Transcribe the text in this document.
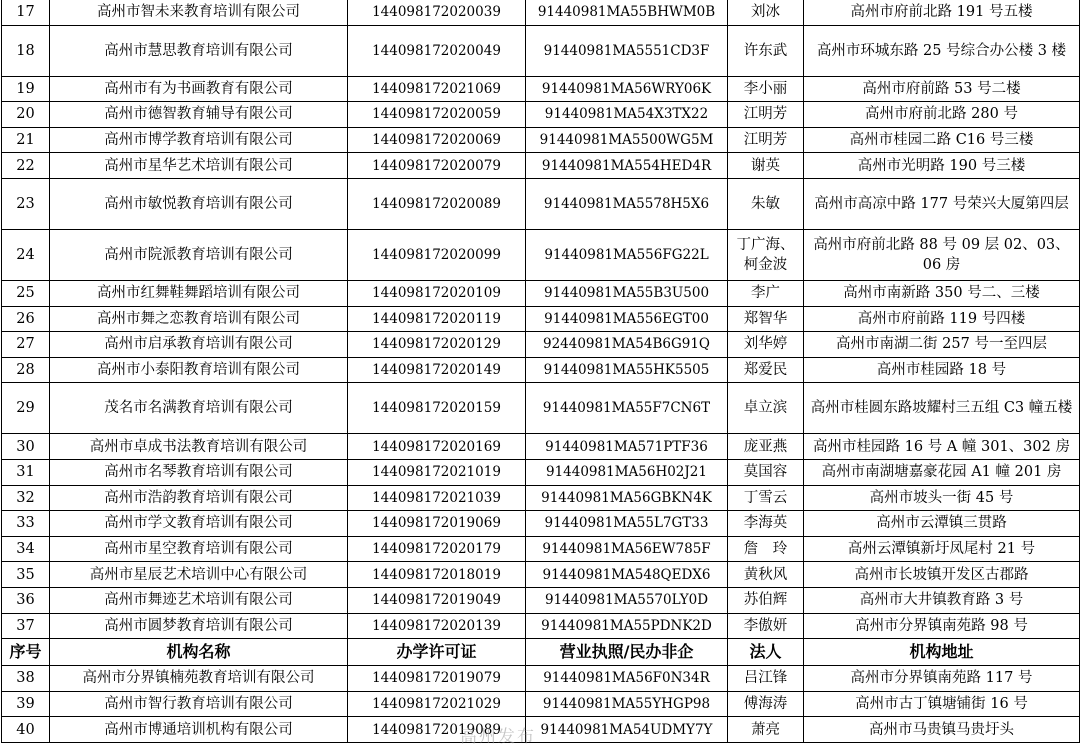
17	高州市智未来教育培训有限公司	144098172020039	91440981MA55BHWM0B	刘冰	高州市府前北路 191 号五楼
18	高州市慧思教育培训有限公司	144098172020049	91440981MA5551CD3F	许东武	高州市环城东路 25 号综合办公楼 3 楼
19	高州市有为书画教育有限公司	144098172021069	91440981MA56WRY06K	李小丽	高州市府前路 53 号二楼
20	高州市德智教育辅导有限公司	144098172020059	91440981MA54X3TX22	江明芳	高州市府前北路 280 号
21	高州市博学教育培训有限公司	144098172020069	91440981MA5500WG5M	江明芳	高州市桂园二路 C16 号三楼
22	高州市星华艺术培训有限公司	144098172020079	91440981MA554HED4R	谢英	高州市光明路 190 号三楼
23	高州市敏悦教育培训有限公司	144098172020089	91440981MA5578H5X6	朱敏	高州市高凉中路 177 号荣兴大厦第四层
24	高州市院派教育培训有限公司	144098172020099	91440981MA556FG22L	丁广海、柯金波	高州市府前北路 88 号 09 层 02、03、06 房
25	高州市红舞鞋舞蹈培训有限公司	144098172020109	91440981MA55B3U500	李广	高州市南新路 350 号二、三楼
26	高州市舞之恋教育培训有限公司	144098172020119	91440981MA556EGT00	郑智华	高州市府前路 119 号四楼
27	高州市启承教育培训有限公司	144098172020129	92440981MA54B6G91Q	刘华婷	高州市南湖二街 257 号一至四层
28	高州市小泰阳教育培训有限公司	144098172020149	91440981MA55HK5505	郑爱民	高州市桂园路 18 号
29	茂名市名满教育培训有限公司	144098172020159	91440981MA55F7CN6T	卓立滨	高州市桂圆东路坡耀村三五组 C3 幢五楼
30	高州市卓成书法教育培训有限公司	144098172020169	91440981MA571PTF36	庞亚燕	高州市桂园路 16 号 A 幢 301、302 房
31	高州市名琴教育培训有限公司	144098172021019	91440981MA56H02J21	莫国容	高州市南湖塘嘉豪花园 A1 幢 201 房
32	高州市浩韵教育培训有限公司	144098172021039	91440981MA56GBKN4K	丁雪云	高州市坡头一街 45 号
33	高州市学文教育培训有限公司	144098172019069	91440981MA55L7GT33	李海英	高州市云潭镇三贯路
34	高州市星空教育培训有限公司	144098172020179	91440981MA56EW785F	詹　玲	高州云潭镇新圩凤尾村 21 号
35	高州市星辰艺术培训中心有限公司	144098172018019	91440981MA548QEDX6	黄秋风	高州市长坡镇开发区古郡路
36	高州市舞迹艺术培训有限公司	144098172019049	91440981MA5570LY0D	苏伯辉	高州市大井镇教育路 3 号
37	高州市圆梦教育培训有限公司	144098172020139	91440981MA55PDNK2D	李傲妍	高州市分界镇南苑路 98 号
序号	机构名称	办学许可证	营业执照/民办非企	法人	机构地址
38	高州市分界镇楠苑教育培训有限公司	144098172019079	91440981MA56F0N34R	吕江锋	高州市分界镇南苑路 117 号
39	高州市智行教育培训有限公司	144098172021029	91440981MA55YHGP98	傅海涛	高州市古丁镇塘铺街 16 号
40	高州市博通培训机构有限公司	144098172019089	91440981MA54UDMY7Y	萧亮	高州市马贵镇马贵圩头
高州发布
